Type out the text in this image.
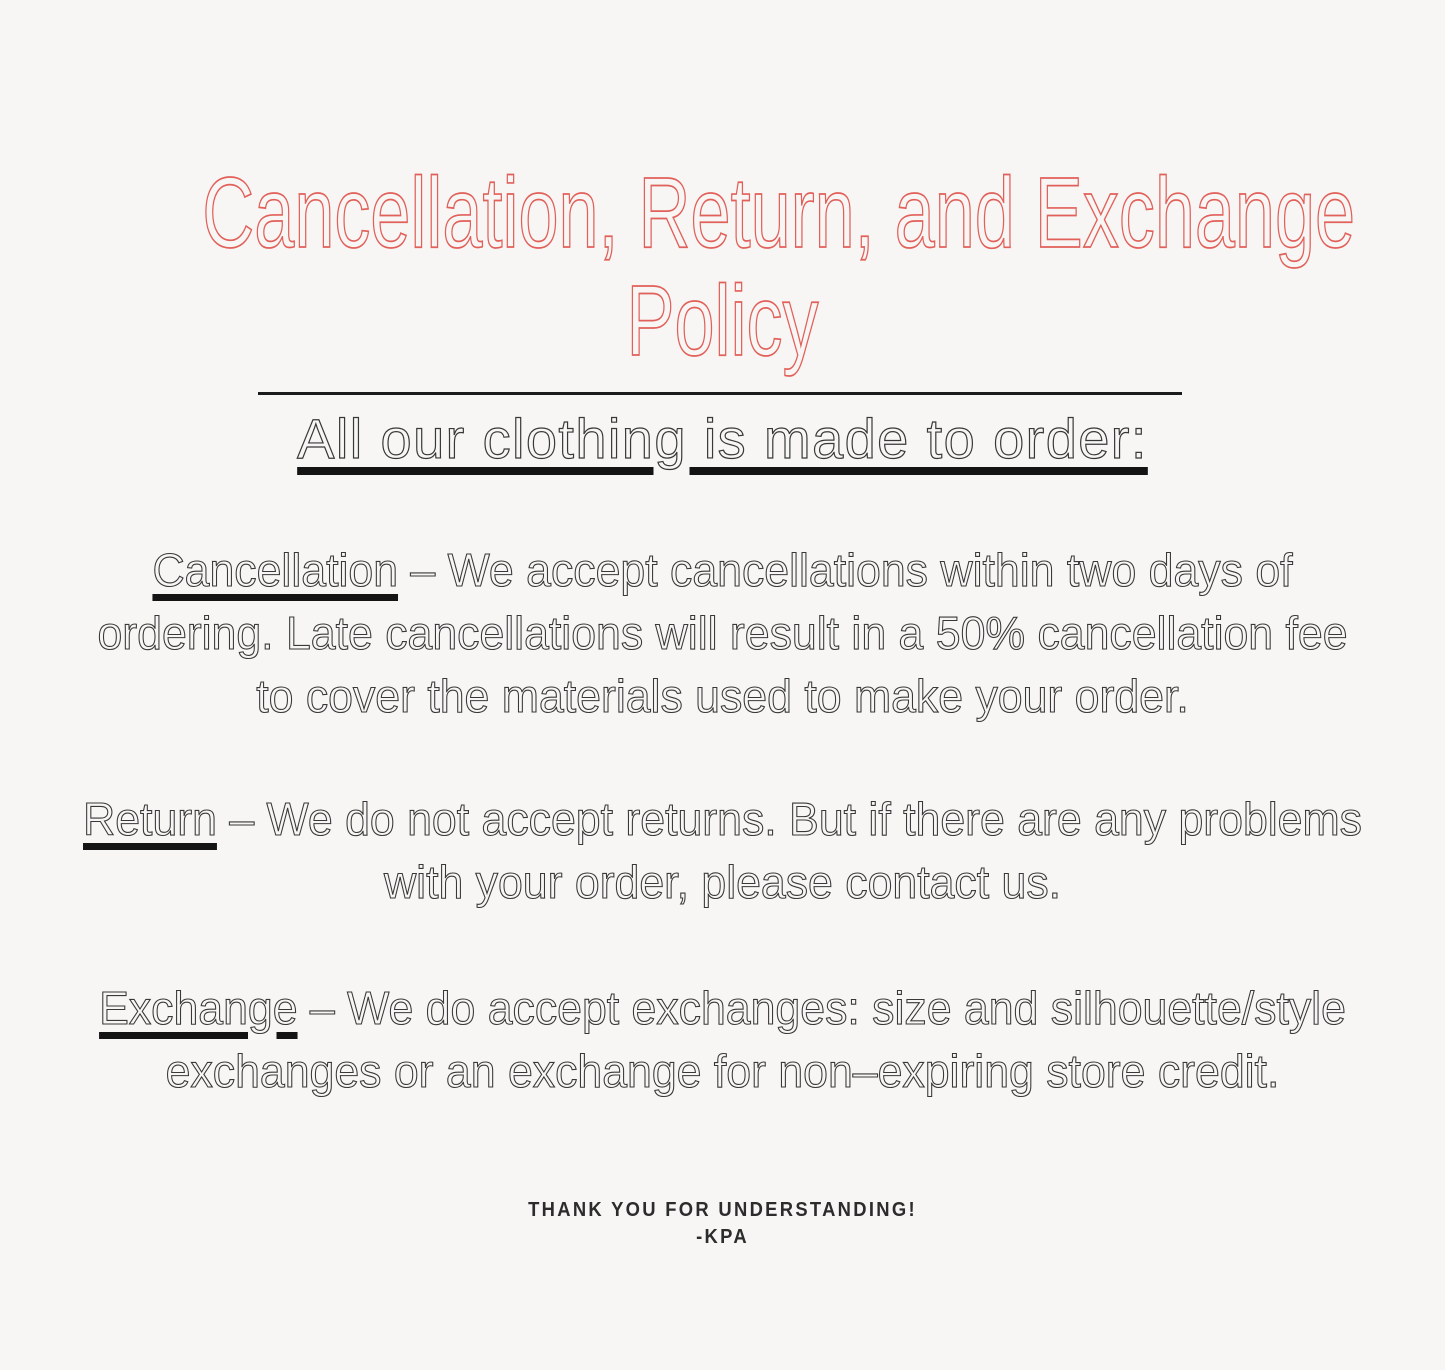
Cancellation, Return, and Exchange
Policy
All our clothing is made to order:

Cancellation – We accept cancellations within two days of

ordering. Late cancellations will result in a 50% cancellation fee

to cover the materials used to make your order.

Return – We do not accept returns. But if there are any problems

with your order, please contact us.

Exchange – We do accept exchanges: size and silhouette/style

exchanges or an exchange for non–expiring store credit.

THANK YOU FOR UNDERSTANDING!
-KPA
